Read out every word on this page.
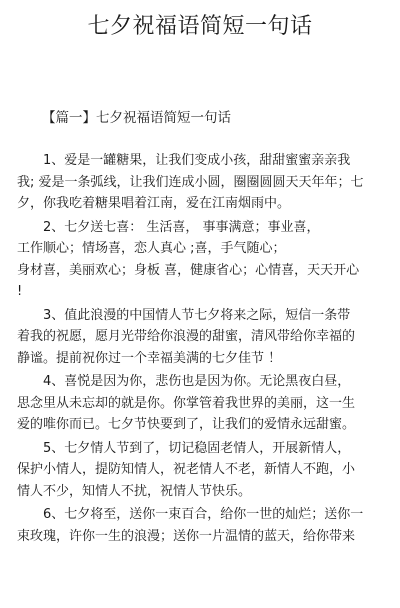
七夕祝福语简短一句话
【篇一】七夕祝福语简短一句话

1、爱是一罐糖果，让我们变成小孩，甜甜蜜蜜亲亲我
我; 爱是一条弧线，让我们连成小圆，圈圈圆圆天天年年；七
夕，你我吃着糖果唱着江南，爱在江南烟雨中。

2、七夕送七喜： 生活喜， 事事满意；事业喜，
工作顺心；情场喜，恋人真心 ;喜，手气随心；
身材喜，美丽欢心；身板 喜，健康省心；心情喜，天天开心
!

3、值此浪漫的中国情人节七夕将来之际，短信一条带
着我的祝愿，愿月光带给你浪漫的甜蜜，清风带给你幸福的
静谧。提前祝你过一个幸福美满的七夕佳节 ！

4、喜悦是因为你，悲伤也是因为你。无论黑夜白昼，
思念里从未忘却的就是你。你掌管着我世界的美丽，这一生
爱的唯你而已。七夕节快要到了，让我们的爱情永远甜蜜。

5、七夕情人节到了，切记稳固老情人，开展新情人，
保护小情人，提防知情人，祝老情人不老，新情人不跑，小
情人不少，知情人不扰，祝情人节快乐。

6、七夕将至，送你一束百合，给你一世的灿烂；送你一
束玫瑰，许你一生的浪漫；送你一片温情的蓝天，给你带来
